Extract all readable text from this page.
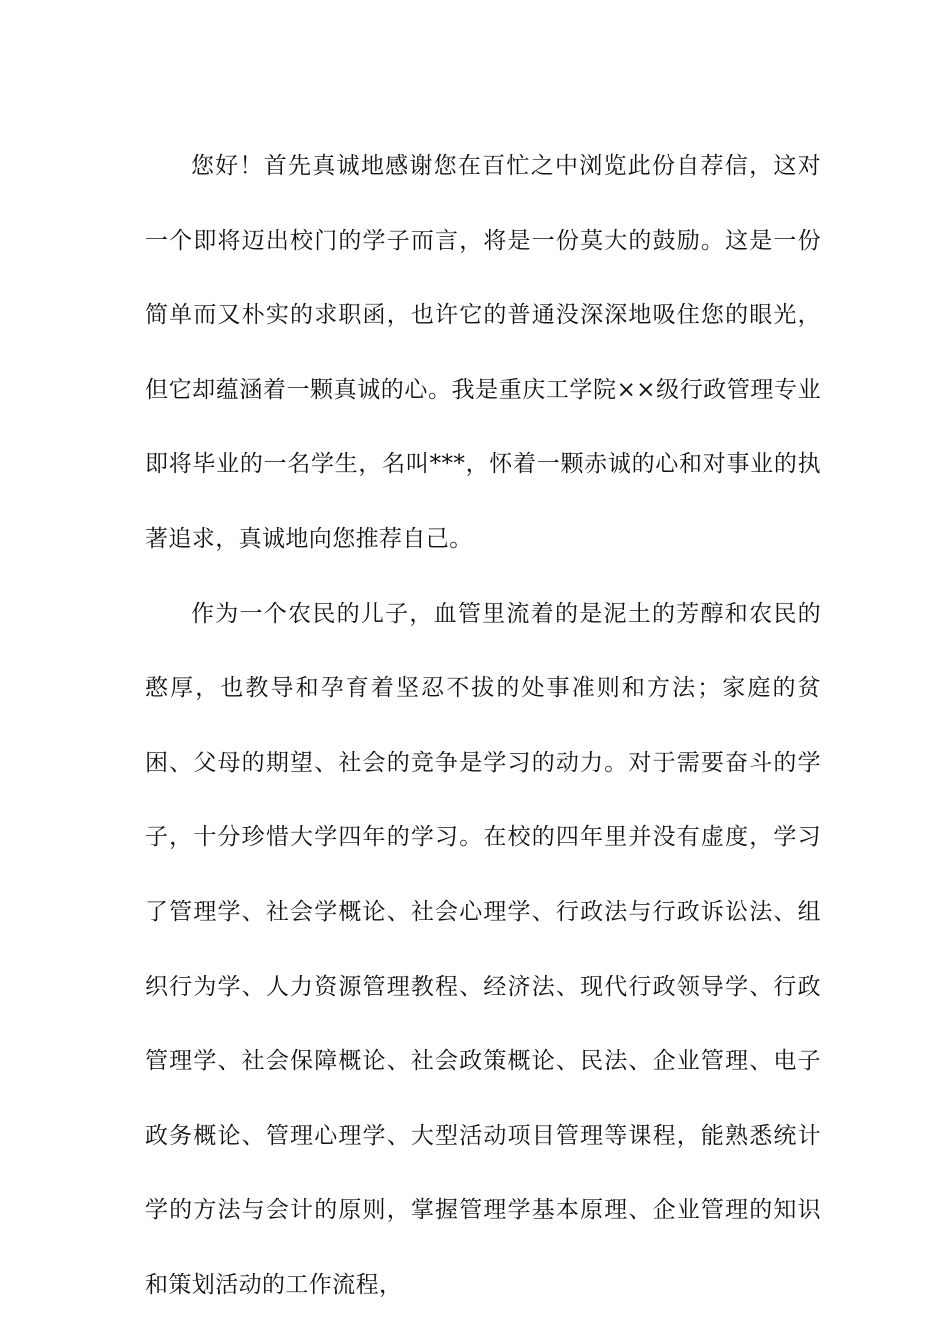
您好！首先真诚地感谢您在百忙之中浏览此份自荐信，这对一个即将迈出校门的学子而言，将是一份莫大的鼓励。这是一份简单而又朴实的求职函，也许它的普通没深深地吸住您的眼光，但它却蕴涵着一颗真诚的心。我是重庆工学院××级行政管理专业即将毕业的一名学生，名叫***，怀着一颗赤诚的心和对事业的执著追求，真诚地向您推荐自己。

作为一个农民的儿子，血管里流着的是泥土的芳醇和农民的憨厚，也教导和孕育着坚忍不拔的处事准则和方法；家庭的贫困、父母的期望、社会的竞争是学习的动力。对于需要奋斗的学子，十分珍惜大学四年的学习。在校的四年里并没有虚度，学习了管理学、社会学概论、社会心理学、行政法与行政诉讼法、组织行为学、人力资源管理教程、经济法、现代行政领导学、行政管理学、社会保障概论、社会政策概论、民法、企业管理、电子政务概论、管理心理学、大型活动项目管理等课程，能熟悉统计学的方法与会计的原则，掌握管理学基本原理、企业管理的知识和策划活动的工作流程，
